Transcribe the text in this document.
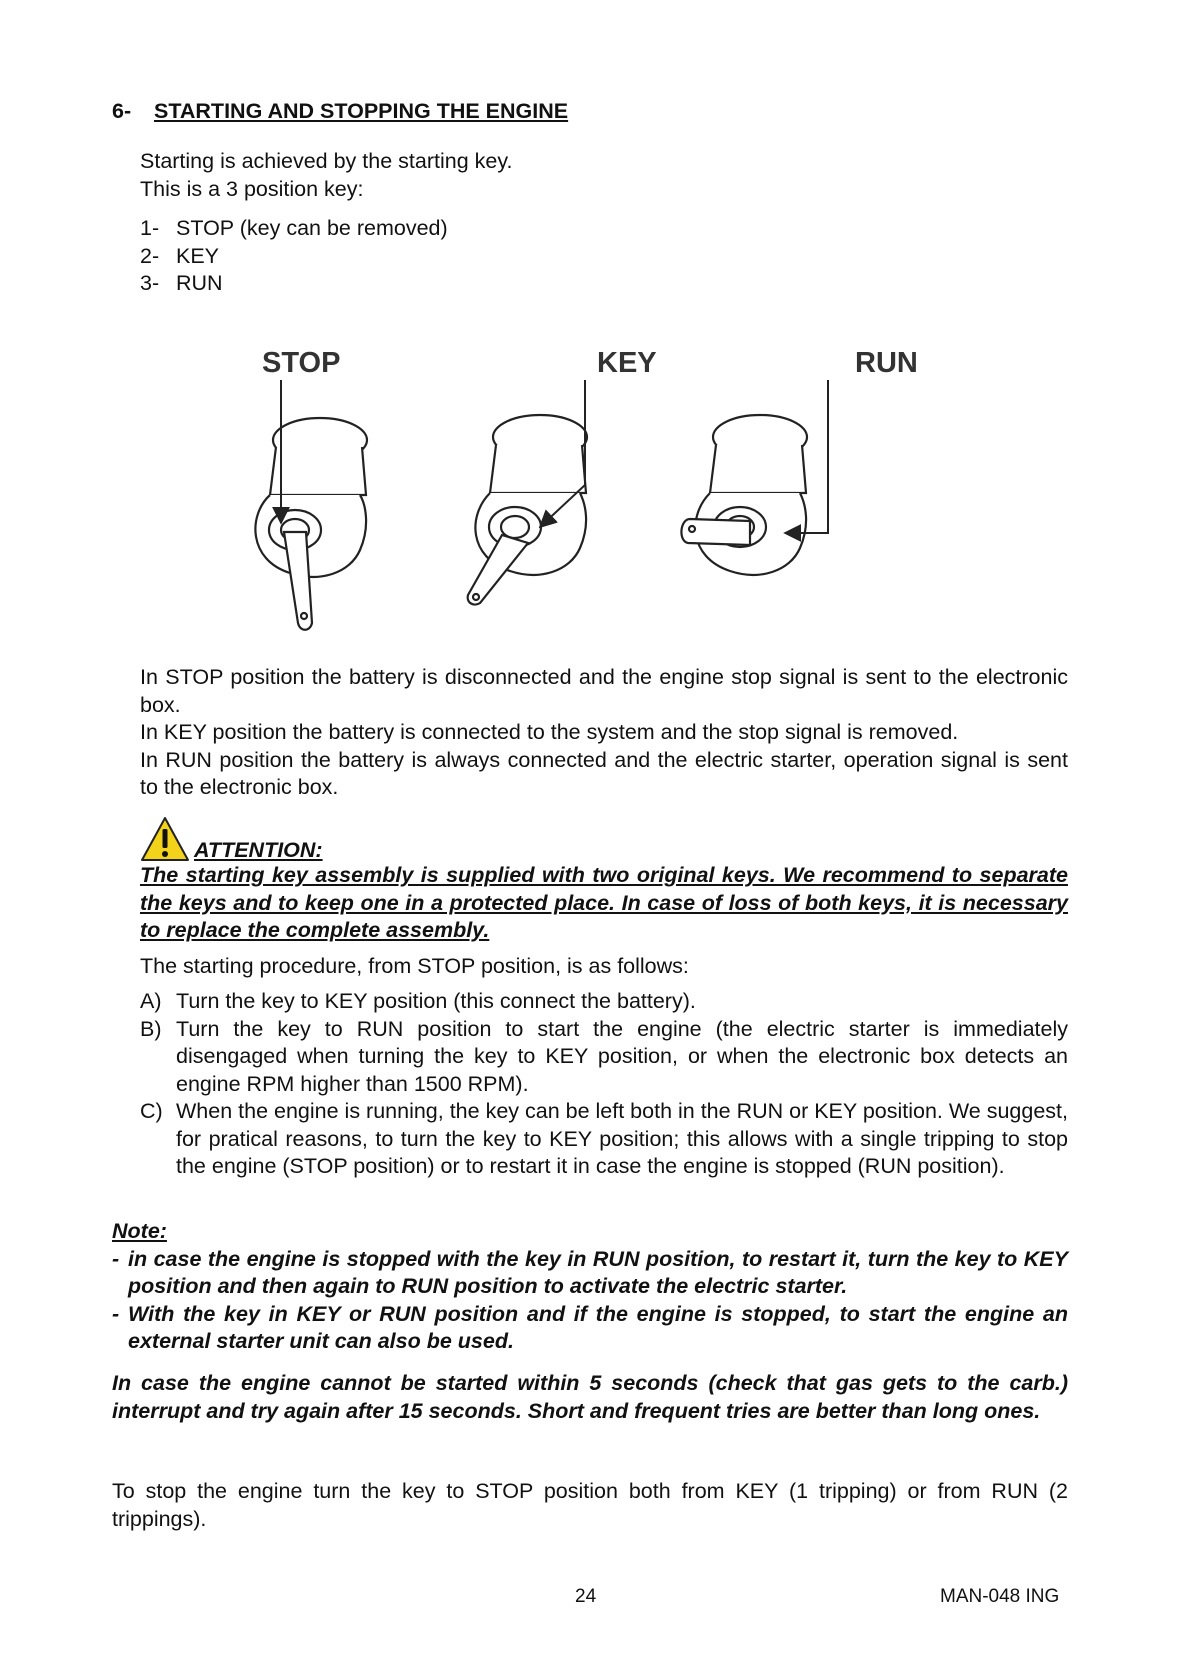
6- STARTING AND STOPPING THE ENGINE
Starting is achieved by the starting key.
This is a 3 position key:
1- STOP (key can be removed)
2- KEY
3- RUN
STOP	KEY	RUN
In STOP position the battery is disconnected and the engine stop signal is sent to the electronic box.
In KEY position the battery is connected to the system and the stop signal is removed.
In RUN position the battery is always connected and the electric starter, operation signal is sent to the electronic box.
ATTENTION:
The starting key assembly is supplied with two original keys. We recommend to separate the keys and to keep one in a protected place. In case of loss of both keys, it is necessary to replace the complete assembly.
The starting procedure, from STOP position, is as follows:
A) Turn the key to KEY position (this connect the battery).
B) Turn the key to RUN position to start the engine (the electric starter is immediately disengaged when turning the key to KEY position, or when the electronic box detects an engine RPM higher than 1500 RPM).
C) When the engine is running, the key can be left both in the RUN or KEY position. We suggest, for pratical reasons, to turn the key to KEY position; this allows with a single tripping to stop the engine (STOP position) or to restart it in case the engine is stopped (RUN position).
Note:
- in case the engine is stopped with the key in RUN position, to restart it, turn the key to KEY position and then again to RUN position to activate the electric starter.
- With the key in KEY or RUN position and if the engine is stopped, to start the engine an external starter unit can also be used.
In case the engine cannot be started within 5 seconds (check that gas gets to the carb.) interrupt and try again after 15 seconds. Short and frequent tries are better than long ones.
To stop the engine turn the key to STOP position both from KEY (1 tripping) or from RUN (2 trippings).
24	MAN-048 ING
